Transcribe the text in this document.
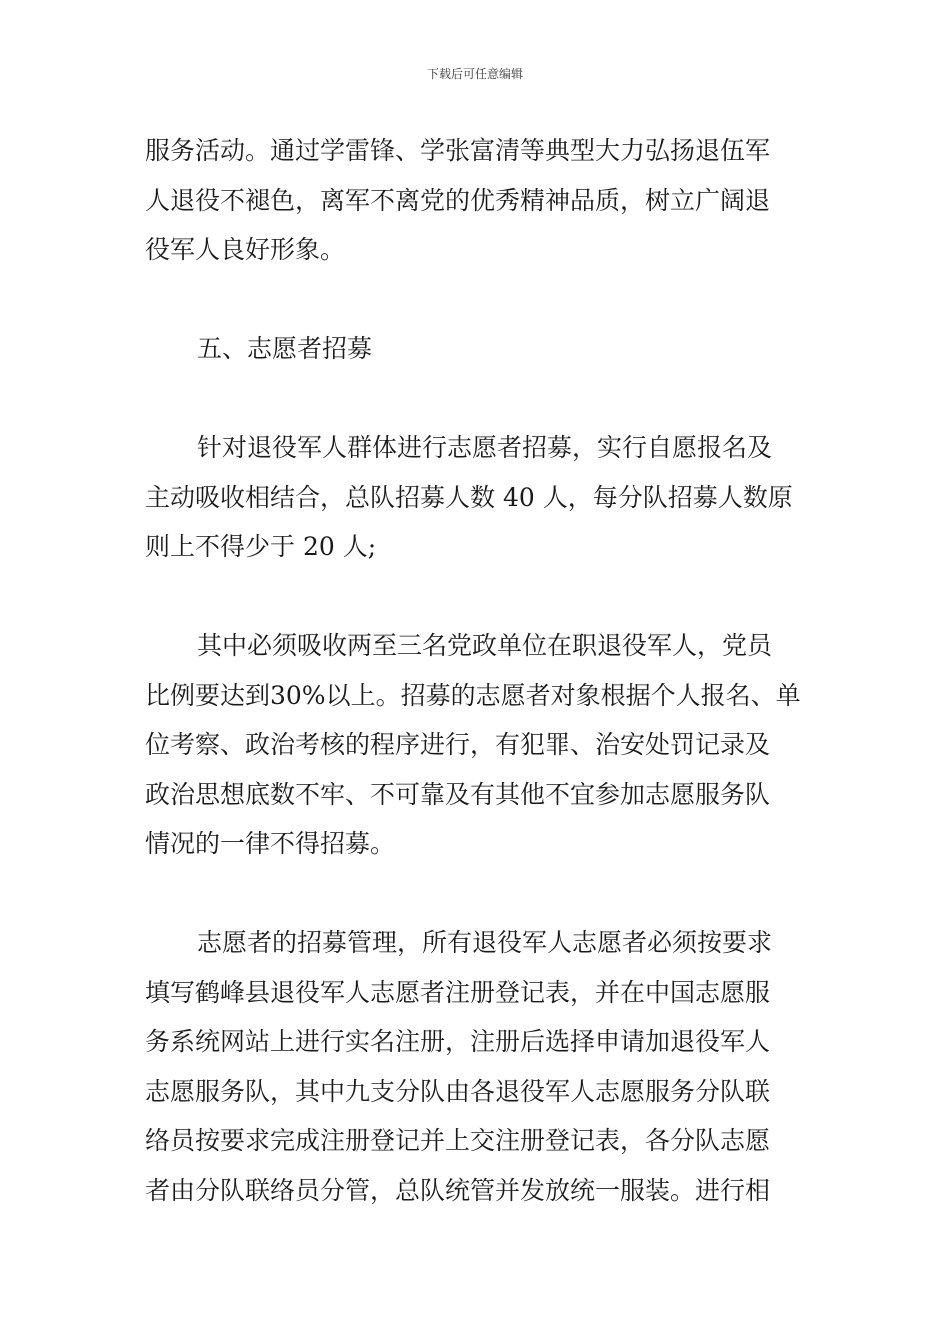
下载后可任意编辑
服务活动。通过学雷锋、学张富清等典型大力弘扬退伍军
人退役不褪色，离军不离党的优秀精神品质，树立广阔退
役军人良好形象。
五、志愿者招募
针对退役军人群体进行志愿者招募，实行自愿报名及
主动吸收相结合，总队招募人数 40 人，每分队招募人数原
则上不得少于 20 人;
其中必须吸收两至三名党政单位在职退役军人，党员
比例要达到30%以上。招募的志愿者对象根据个人报名、单
位考察、政治考核的程序进行，有犯罪、治安处罚记录及
政治思想底数不牢、不可靠及有其他不宜参加志愿服务队
情况的一律不得招募。
志愿者的招募管理，所有退役军人志愿者必须按要求
填写鹤峰县退役军人志愿者注册登记表，并在中国志愿服
务系统网站上进行实名注册，注册后选择申请加退役军人
志愿服务队，其中九支分队由各退役军人志愿服务分队联
络员按要求完成注册登记并上交注册登记表，各分队志愿
者由分队联络员分管，总队统管并发放统一服装。进行相
